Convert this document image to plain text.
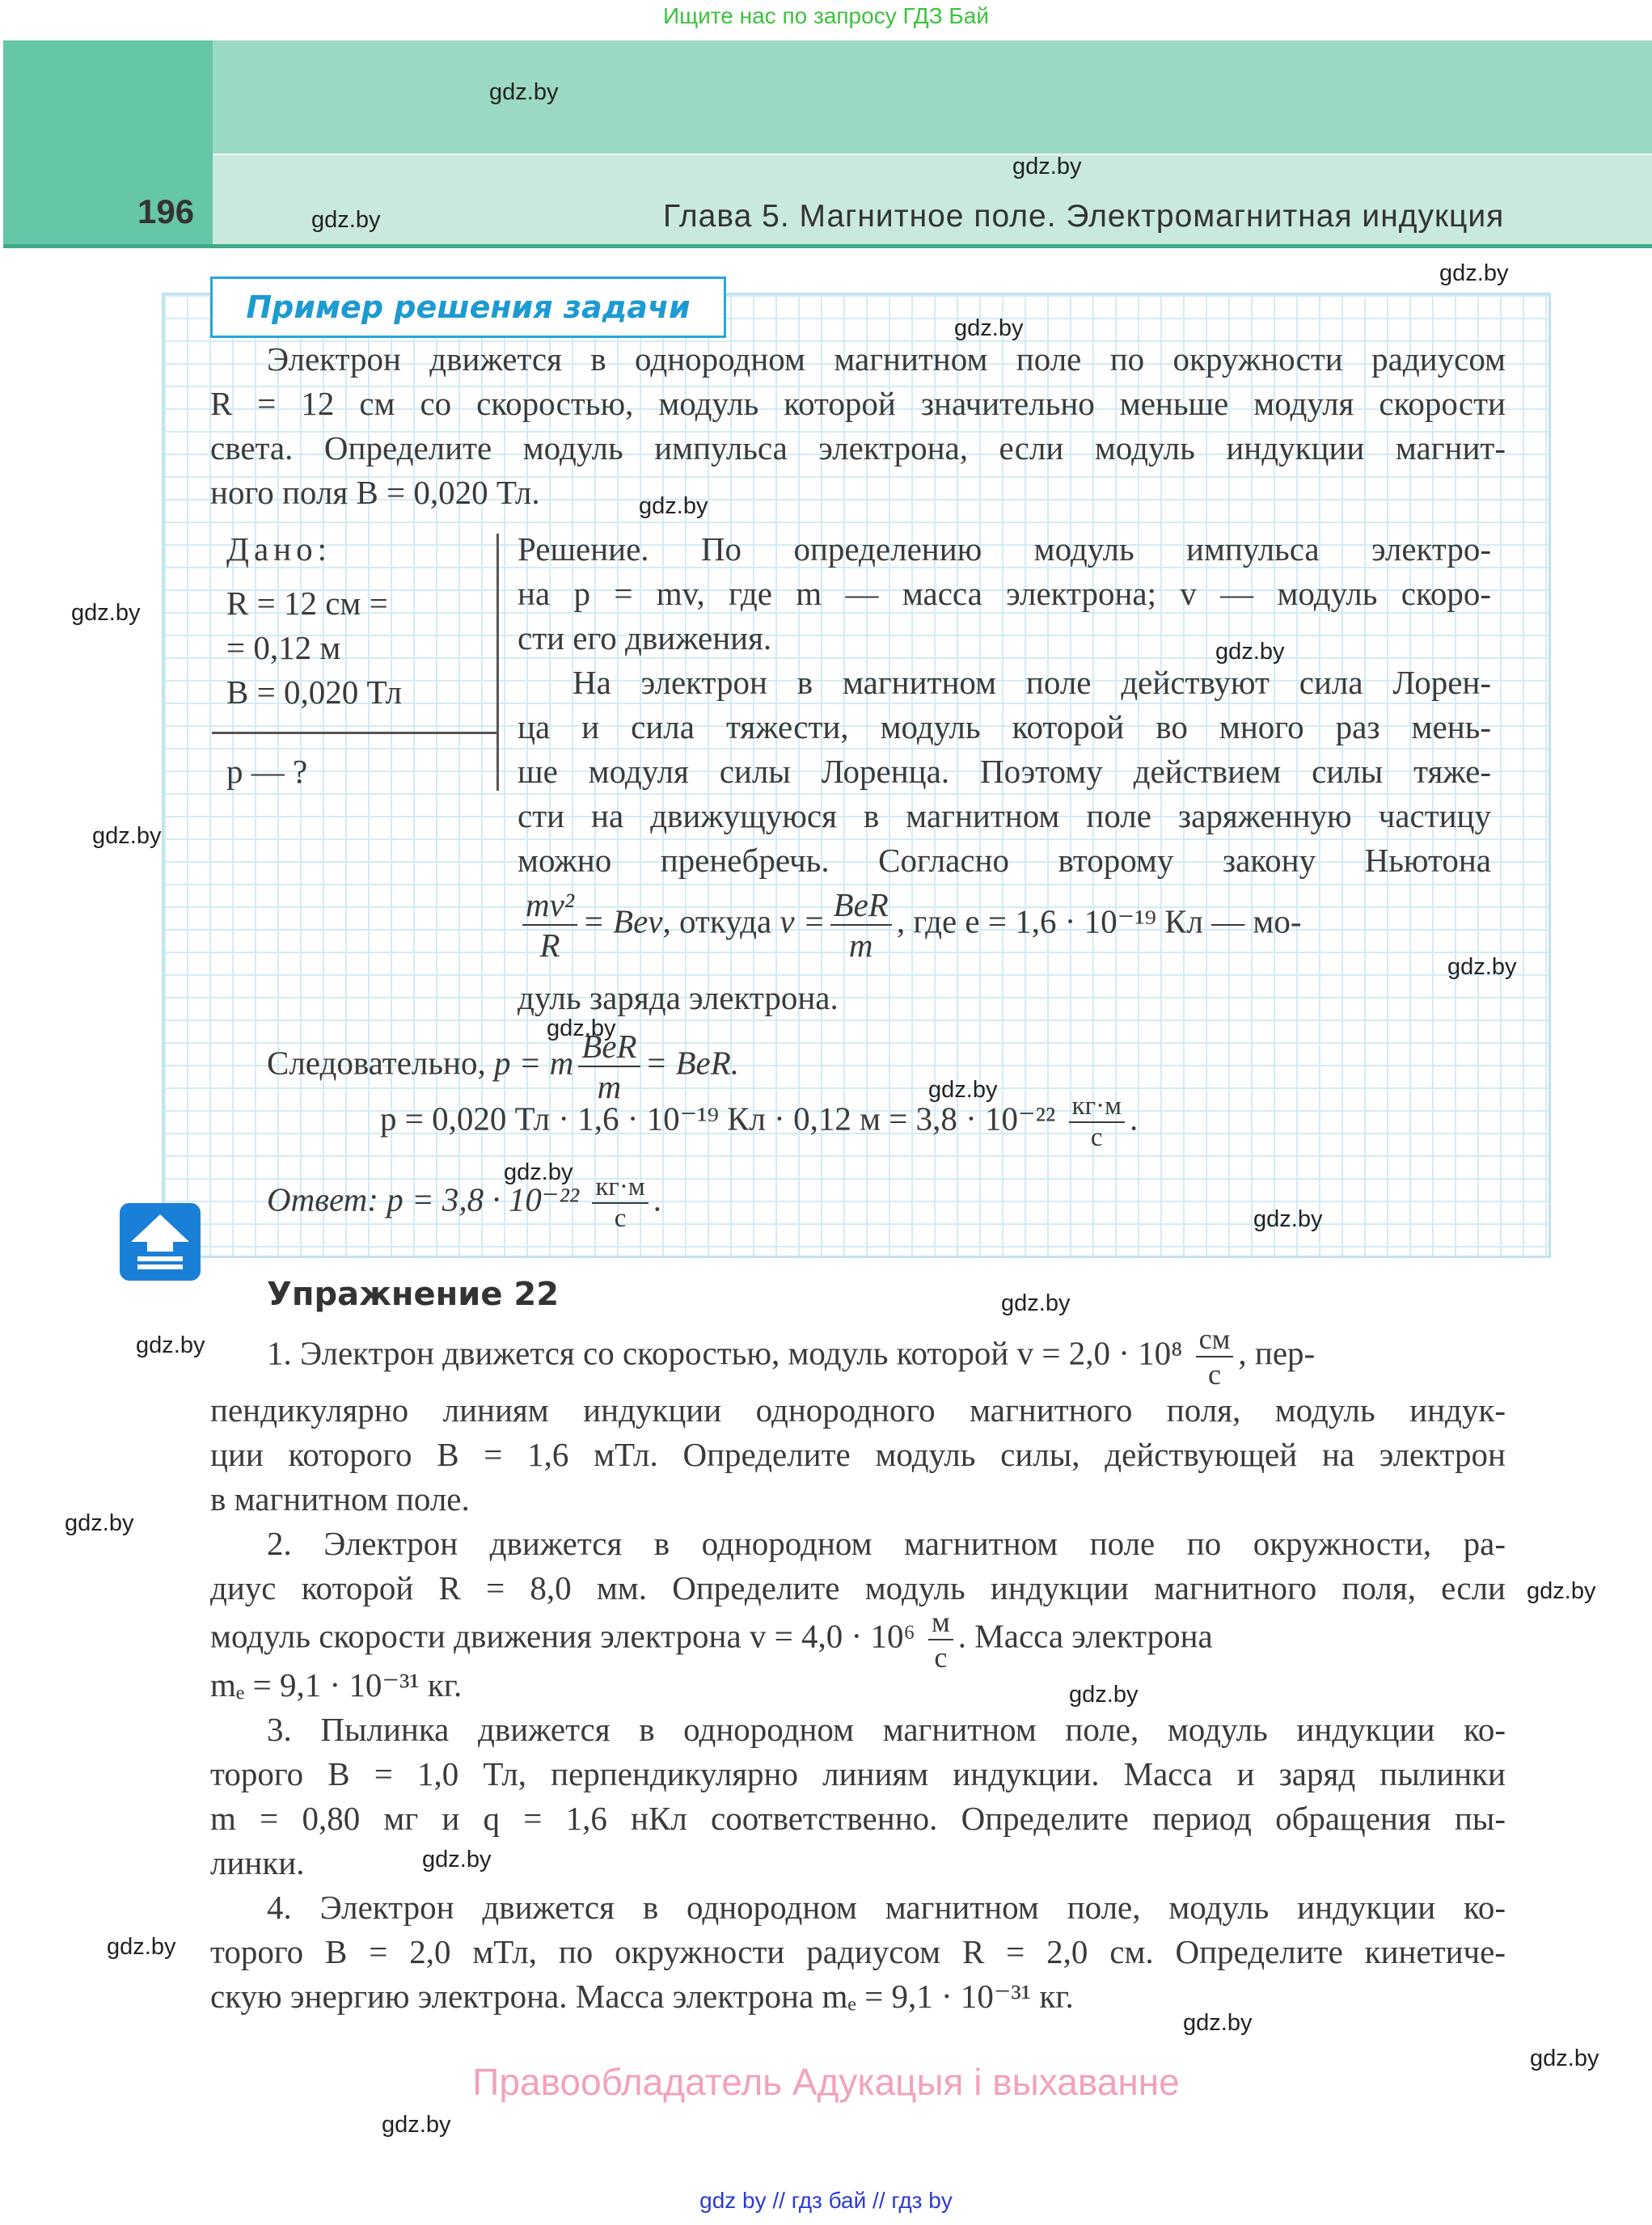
Ищите нас по запросу ГДЗ Бай
196	Глава 5. Магнитное поле. Электромагнитная индукция
Пример решения задачи
Электрон движется в однородном магнитном поле по окружности радиусом
R = 12 см со скоростью, модуль которой значительно меньше модуля скорости
света. Определите модуль импульса электрона, если модуль индукции магнит-
ного поля B = 0,020 Тл.
Дано:
R = 12 см =
= 0,12 м
B = 0,020 Тл
p — ?
Решение. По определению модуль импульса электро-
на p = mv, где m — масса электрона; v — модуль скоро-
сти его движения.
На электрон в магнитном поле действуют сила Лорен-
ца и сила тяжести, модуль которой во много раз мень-
ше модуля силы Лоренца. Поэтому действием силы тяже-
сти на движущуюся в магнитном поле заряженную частицу
можно пренебречь. Согласно второму закону Ньютона
$\frac{\text{mv²}}{R}$ = Bev, откуда $v = \frac{\text{BeR}}{m}$ , где e = 1,6 · 10⁻¹⁹ Кл — мо-
дуль заряда электрона.
Следовательно, p = m $\frac{\text{BeR}}{m}$ = BeR.
p = 0,020 Тл · 1,6 · 10⁻¹⁹ Кл · 0,12 $м = 3,8 \cdot 10^{-22} \frac{кг\cdot м}{с}$ .
Ответ: $p = 3,8 \cdot 10^{-22} \frac{кг\cdot м}{с}$ .
Упражнение 22
1. Электрон движется со скоростью, модуль которой $v = 2,0 \cdot 10^8 \frac{см}{с}$ , пер-
пендикулярно линиям индукции однородного магнитного поля, модуль индук-
ции которого B = 1,6 мТл. Определите модуль силы, действующей на электрон
в магнитном поле.
2. Электрон движется в однородном магнитном поле по окружности, ра-
диус которой R = 8,0 мм. Определите модуль индукции магнитного поля, если
модуль скорости движения электрона $v = 4,0 \cdot 10^6 \frac{м}{с}$ . Масса электрона
mₑ = 9,1 · 10⁻³¹ кг.
3. Пылинка движется в однородном магнитном поле, модуль индукции ко-
торого B = 1,0 Тл, перпендикулярно линиям индукции. Масса и заряд пылинки
m = 0,80 мг и q = 1,6 нКл соответственно. Определите период обращения пы-
линки.
4. Электрон движется в однородном магнитном поле, модуль индукции ко-
торого B = 2,0 мТл, по окружности радиусом R = 2,0 см. Определите кинетиче-
скую энергию электрона. Масса электрона mₑ = 9,1 · 10⁻³¹ кг.
gdz.by
gdz.by
gdz.by
gdz.by
gdz.by
gdz.by
gdz.by
gdz.by
gdz.by
gdz.by
gdz.by
gdz.by
gdz.by
gdz.by
gdz.by
gdz.by
gdz.by
gdz.by
gdz.by
gdz.by
gdz.by
gdz.by
gdz.by
gdz.by
Правообладатель Адукацыя і выхаванне
gdz by // гдз бай // гдз by
